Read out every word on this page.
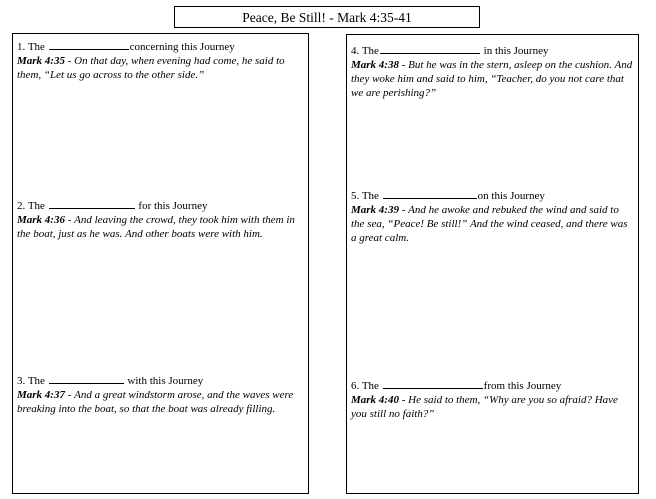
Peace, Be Still! - Mark 4:35-41
1. The	concerning this Journey
Mark 4:35 - On that day, when evening had come, he said to them, “Let us go across to the other side.”
2. The	for this Journey
Mark 4:36 - And leaving the crowd, they took him with them in the boat, just as he was. And other boats were with him.
3. The	with this Journey
Mark 4:37 - And a great windstorm arose, and the waves were breaking into the boat, so that the boat was already filling.
4. The	in this Journey
Mark 4:38 - But he was in the stern, asleep on the cushion. And they woke him and said to him, “Teacher, do you not care that we are perishing?”
5. The	on this Journey
Mark 4:39 - And he awoke and rebuked the wind and said to the sea, “Peace! Be still!” And the wind ceased, and there was a great calm.
6. The	from this Journey
Mark 4:40 - He said to them, “Why are you so afraid? Have you still no faith?”
